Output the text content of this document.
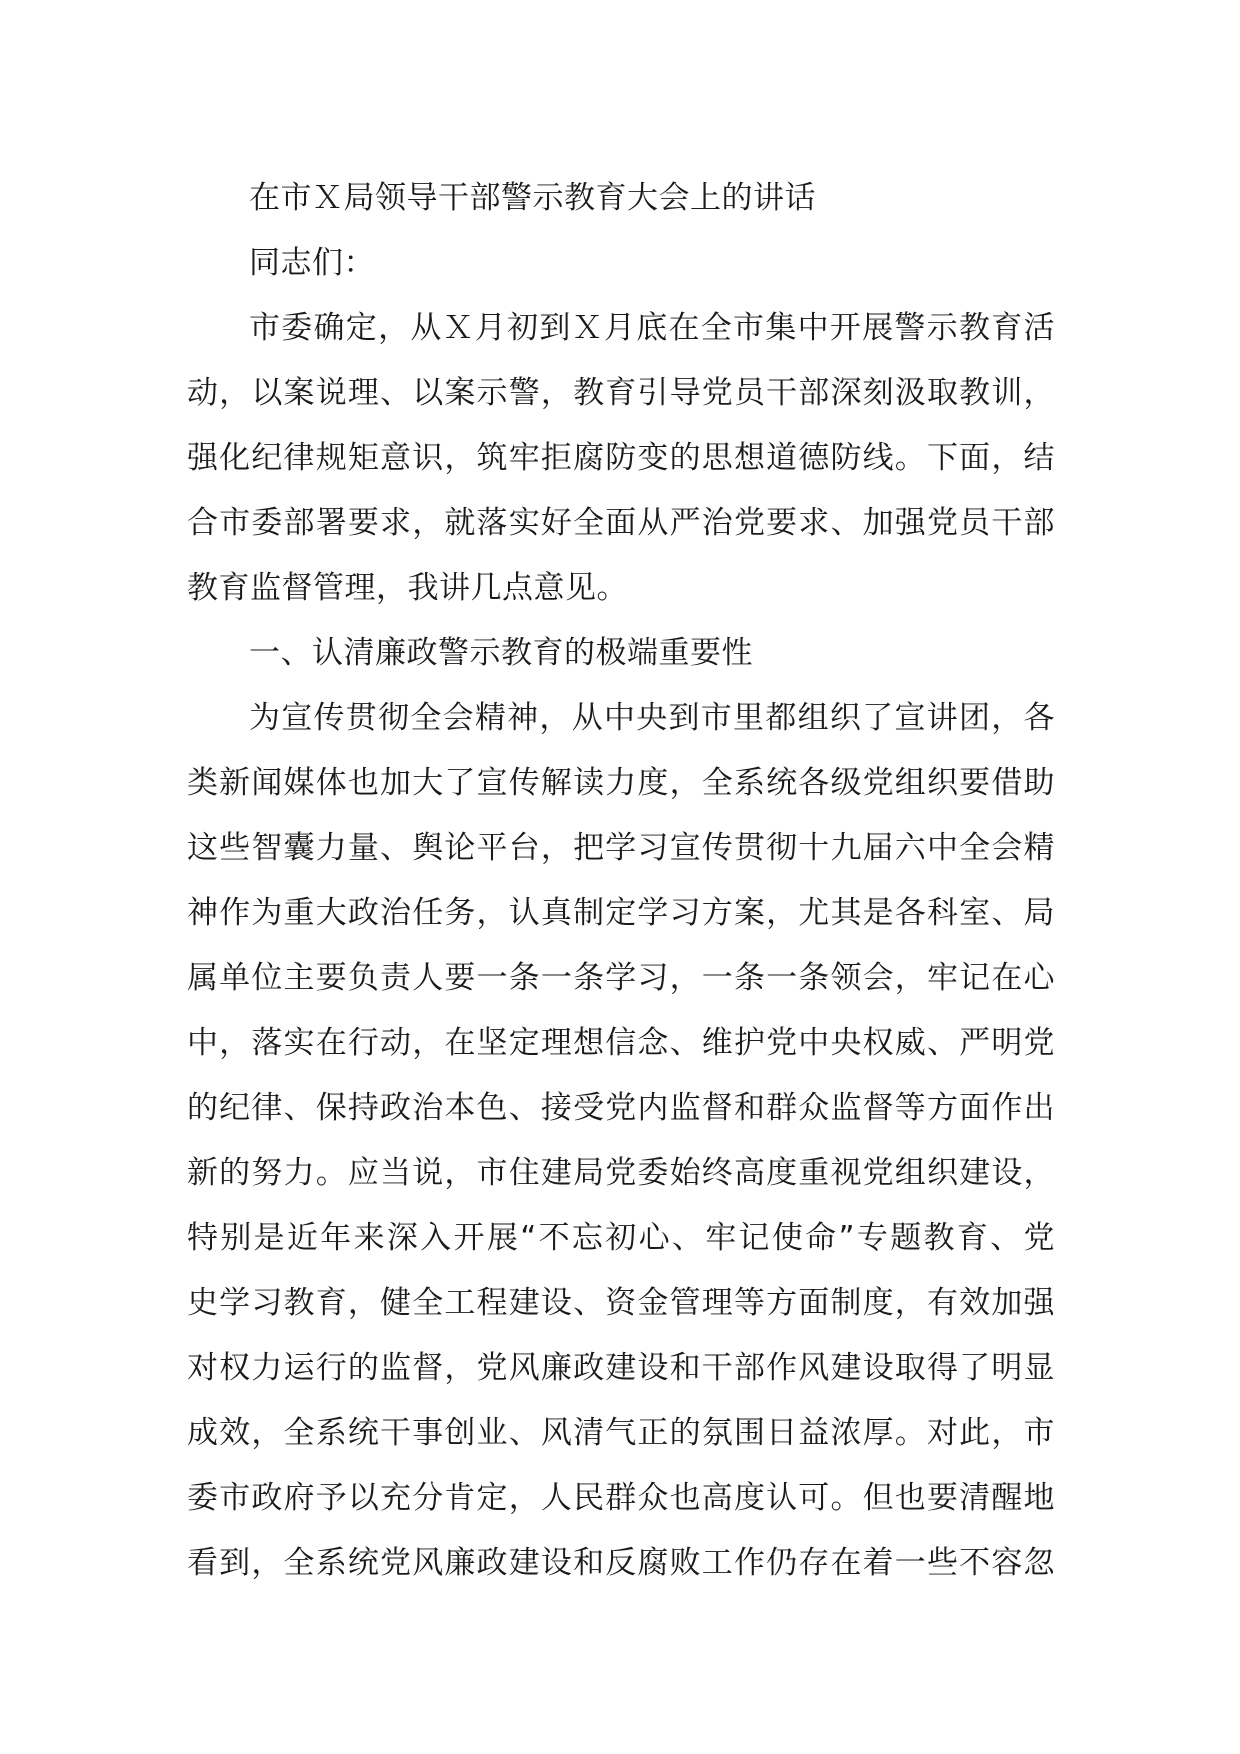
在市Ｘ局领导干部警示教育大会上的讲话
同志们：
市委确定，从Ｘ月初到Ｘ月底在全市集中开展警示教育活
动，以案说理、以案示警，教育引导党员干部深刻汲取教训，
强化纪律规矩意识，筑牢拒腐防变的思想道德防线。下面，结
合市委部署要求，就落实好全面从严治党要求、加强党员干部
教育监督管理，我讲几点意见。
一、认清廉政警示教育的极端重要性
为宣传贯彻全会精神，从中央到市里都组织了宣讲团，各
类新闻媒体也加大了宣传解读力度，全系统各级党组织要借助
这些智囊力量、舆论平台，把学习宣传贯彻十九届六中全会精
神作为重大政治任务，认真制定学习方案，尤其是各科室、局
属单位主要负责人要一条一条学习，一条一条领会，牢记在心
中，落实在行动，在坚定理想信念、维护党中央权威、严明党
的纪律、保持政治本色、接受党内监督和群众监督等方面作出
新的努力。应当说，市住建局党委始终高度重视党组织建设，
特别是近年来深入开展“不忘初心、牢记使命”专题教育、党
史学习教育，健全工程建设、资金管理等方面制度，有效加强
对权力运行的监督，党风廉政建设和干部作风建设取得了明显
成效，全系统干事创业、风清气正的氛围日益浓厚。对此，市
委市政府予以充分肯定，人民群众也高度认可。但也要清醒地
看到，全系统党风廉政建设和反腐败工作仍存在着一些不容忽
